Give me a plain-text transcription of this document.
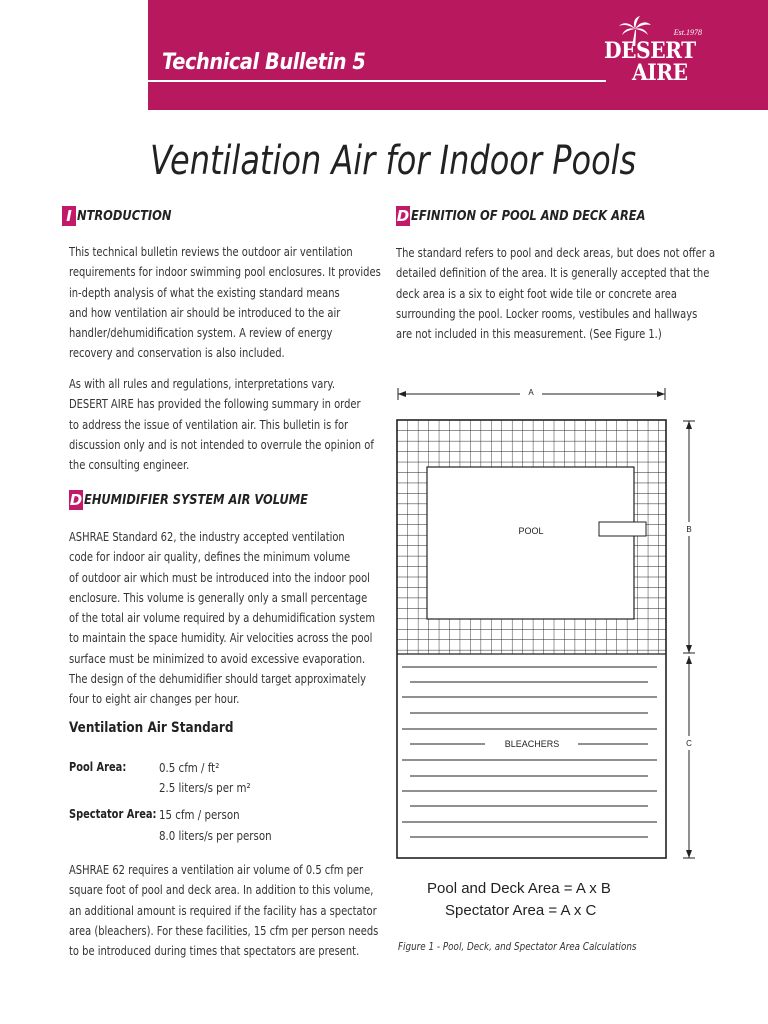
Technical Bulletin 5
Est.1978
DESERT
AIRE
Ventilation Air for Indoor Pools
I NTRODUCTION
This technical bulletin reviews the outdoor air ventilation
requirements for indoor swimming pool enclosures. It provides
in-depth analysis of what the existing standard means
and how ventilation air should be introduced to the air
handler/dehumidification system. A review of energy
recovery and conservation is also included.
As with all rules and regulations, interpretations vary.
DESERT AIRE has provided the following summary in order
to address the issue of ventilation air. This bulletin is for
discussion only and is not intended to overrule the opinion of
the consulting engineer.
D EHUMIDIFIER SYSTEM AIR VOLUME
ASHRAE Standard 62, the industry accepted ventilation
code for indoor air quality, defines the minimum volume
of outdoor air which must be introduced into the indoor pool
enclosure. This volume is generally only a small percentage
of the total air volume required by a dehumidification system
to maintain the space humidity. Air velocities across the pool
surface must be minimized to avoid excessive evaporation.
The design of the dehumidifier should target approximately
four to eight air changes per hour.
Ventilation Air Standard
Pool Area:	0.5 cfm / ft²
2.5 liters/s per m²
Spectator Area: 15 cfm / person
8.0 liters/s per person
ASHRAE 62 requires a ventilation air volume of 0.5 cfm per
square foot of pool and deck area. In addition to this volume,
an additional amount is required if the facility has a spectator
area (bleachers). For these facilities, 15 cfm per person needs
to be introduced during times that spectators are present.
D EFINITION OF POOL AND DECK AREA
The standard refers to pool and deck areas, but does not offer a
detailed definition of the area. It is generally accepted that the
deck area is a six to eight foot wide tile or concrete area
surrounding the pool. Locker rooms, vestibules and hallways
are not included in this measurement. (See Figure 1.)
A
B
C
POOL
BLEACHERS
Pool and Deck Area = A x B
Spectator Area = A x C
Figure 1 - Pool, Deck, and Spectator Area Calculations
